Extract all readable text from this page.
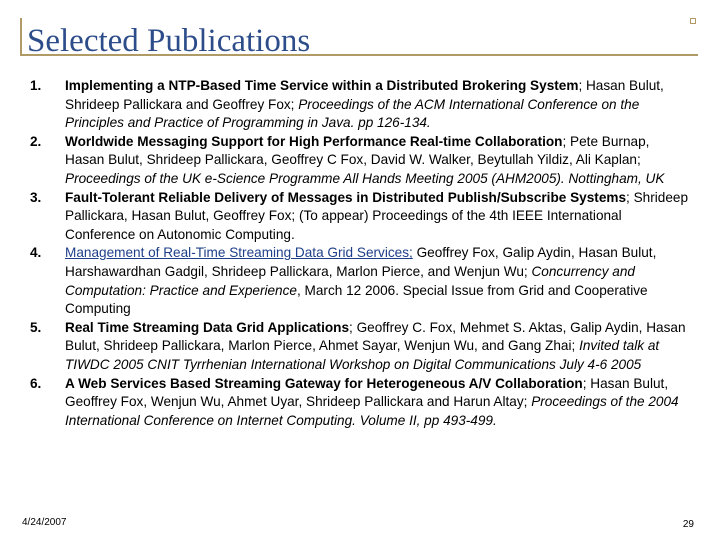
Selected Publications
1. Implementing a NTP-Based Time Service within a Distributed Brokering System; Hasan Bulut, Shrideep Pallickara and Geoffrey Fox; Proceedings of the ACM International Conference on the Principles and Practice of Programming in Java. pp 126-134.
2. Worldwide Messaging Support for High Performance Real-time Collaboration; Pete Burnap, Hasan Bulut, Shrideep Pallickara, Geoffrey C Fox, David W. Walker, Beytullah Yildiz, Ali Kaplan; Proceedings of the UK e-Science Programme All Hands Meeting 2005 (AHM2005). Nottingham, UK
3. Fault-Tolerant Reliable Delivery of Messages in Distributed Publish/Subscribe Systems; Shrideep Pallickara, Hasan Bulut, Geoffrey Fox; (To appear) Proceedings of the 4th IEEE International Conference on Autonomic Computing.
4. Management of Real-Time Streaming Data Grid Services; Geoffrey Fox, Galip Aydin, Hasan Bulut, Harshawardhan Gadgil, Shrideep Pallickara, Marlon Pierce, and Wenjun Wu; Concurrency and Computation: Practice and Experience, March 12 2006. Special Issue from Grid and Cooperative Computing
5. Real Time Streaming Data Grid Applications; Geoffrey C. Fox, Mehmet S. Aktas, Galip Aydin, Hasan Bulut, Shrideep Pallickara, Marlon Pierce, Ahmet Sayar, Wenjun Wu, and Gang Zhai; Invited talk at TIWDC 2005 CNIT Tyrrhenian International Workshop on Digital Communications July 4-6 2005
6. A Web Services Based Streaming Gateway for Heterogeneous A/V Collaboration; Hasan Bulut, Geoffrey Fox, Wenjun Wu, Ahmet Uyar, Shrideep Pallickara and Harun Altay; Proceedings of the 2004 International Conference on Internet Computing. Volume II, pp 493-499.
4/24/2007	29
